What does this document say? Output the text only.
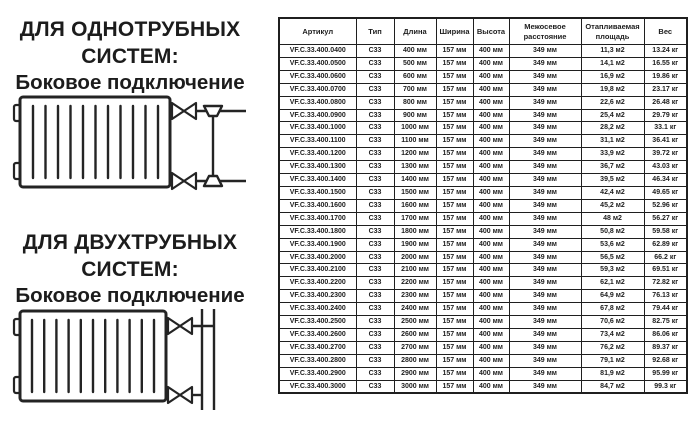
ДЛЯ ОДНОТРУБНЫХ
СИСТЕМ:
Боковое подключение
ДЛЯ ДВУХТРУБНЫХ
СИСТЕМ:
Боковое подключение
Артикул	Тип	Длина	Ширина	Высота	Межосевое расстояние	Отапливаемая площадь	Вес
VF.C.33.400.0400	C33	400 мм	157 мм	400 мм	349 мм	11,3 м2	13.24 кг
VF.C.33.400.0500	C33	500 мм	157 мм	400 мм	349 мм	14,1 м2	16.55 кг
VF.C.33.400.0600	C33	600 мм	157 мм	400 мм	349 мм	16,9 м2	19.86 кг
VF.C.33.400.0700	C33	700 мм	157 мм	400 мм	349 мм	19,8 м2	23.17 кг
VF.C.33.400.0800	C33	800 мм	157 мм	400 мм	349 мм	22,6 м2	26.48 кг
VF.C.33.400.0900	C33	900 мм	157 мм	400 мм	349 мм	25,4 м2	29.79 кг
VF.C.33.400.1000	C33	1000 мм	157 мм	400 мм	349 мм	28,2 м2	33.1 кг
VF.C.33.400.1100	C33	1100 мм	157 мм	400 мм	349 мм	31,1 м2	36.41 кг
VF.C.33.400.1200	C33	1200 мм	157 мм	400 мм	349 мм	33,9 м2	39.72 кг
VF.C.33.400.1300	C33	1300 мм	157 мм	400 мм	349 мм	36,7 м2	43.03 кг
VF.C.33.400.1400	C33	1400 мм	157 мм	400 мм	349 мм	39,5 м2	46.34 кг
VF.C.33.400.1500	C33	1500 мм	157 мм	400 мм	349 мм	42,4 м2	49.65 кг
VF.C.33.400.1600	C33	1600 мм	157 мм	400 мм	349 мм	45,2 м2	52.96 кг
VF.C.33.400.1700	C33	1700 мм	157 мм	400 мм	349 мм	48 м2	56.27 кг
VF.C.33.400.1800	C33	1800 мм	157 мм	400 мм	349 мм	50,8 м2	59.58 кг
VF.C.33.400.1900	C33	1900 мм	157 мм	400 мм	349 мм	53,6 м2	62.89 кг
VF.C.33.400.2000	C33	2000 мм	157 мм	400 мм	349 мм	56,5 м2	66.2 кг
VF.C.33.400.2100	C33	2100 мм	157 мм	400 мм	349 мм	59,3 м2	69.51 кг
VF.C.33.400.2200	C33	2200 мм	157 мм	400 мм	349 мм	62,1 м2	72.82 кг
VF.C.33.400.2300	C33	2300 мм	157 мм	400 мм	349 мм	64,9 м2	76.13 кг
VF.C.33.400.2400	C33	2400 мм	157 мм	400 мм	349 мм	67,8 м2	79.44 кг
VF.C.33.400.2500	C33	2500 мм	157 мм	400 мм	349 мм	70,6 м2	82.75 кг
VF.C.33.400.2600	C33	2600 мм	157 мм	400 мм	349 мм	73,4 м2	86.06 кг
VF.C.33.400.2700	C33	2700 мм	157 мм	400 мм	349 мм	76,2 м2	89.37 кг
VF.C.33.400.2800	C33	2800 мм	157 мм	400 мм	349 мм	79,1 м2	92.68 кг
VF.C.33.400.2900	C33	2900 мм	157 мм	400 мм	349 мм	81,9 м2	95.99 кг
VF.C.33.400.3000	C33	3000 мм	157 мм	400 мм	349 мм	84,7 м2	99.3 кг
